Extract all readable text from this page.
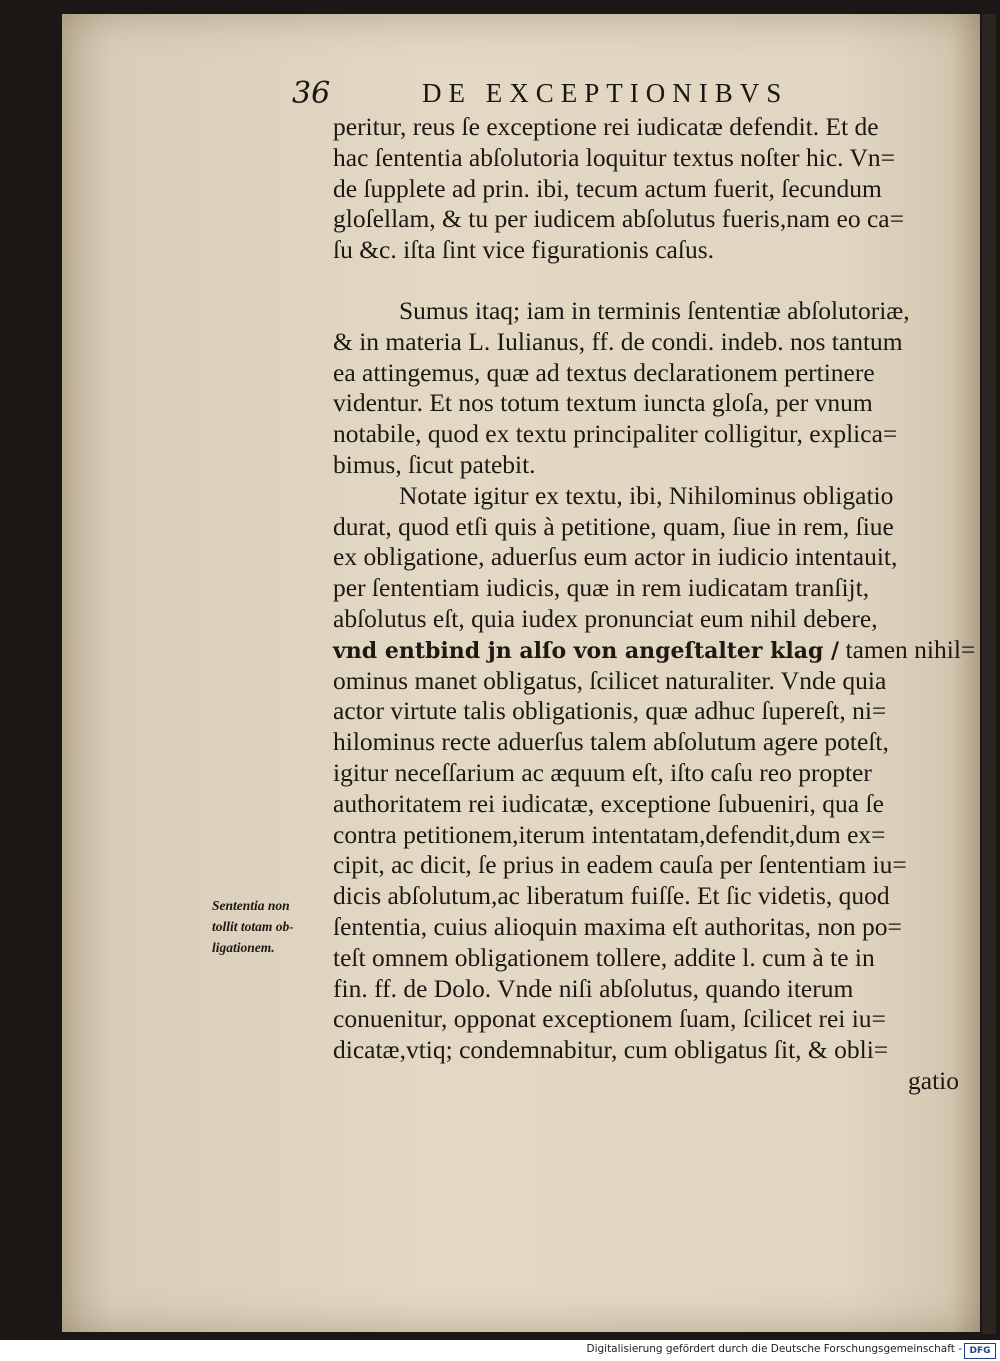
36	DE EXCEPTIONIBVS
peritur, reus ſe exceptione rei iudicatæ defendit. Et de
hac ſententia abſolutoria loquitur textus noſter hic. Vn=
de ſupplete ad prin. ibi, tecum actum fuerit, ſecundum
gloſellam, & tu per iudicem abſolutus fueris,nam eo ca=
ſu &c. iſta ſint vice figurationis caſus.
Sumus itaq; iam in terminis ſententiæ abſolutoriæ,
& in materia L. Iulianus, ff. de condi. indeb. nos tantum
ea attingemus, quæ ad textus declarationem pertinere
videntur. Et nos totum textum iuncta gloſa, per vnum
notabile, quod ex textu principaliter colligitur, explica=
bimus, ſicut patebit.
Notate igitur ex textu, ibi, Nihilominus obligatio
durat, quod etſi quis à petitione, quam, ſiue in rem, ſiue
ex obligatione, aduerſus eum actor in iudicio intentauit,
per ſententiam iudicis, quæ in rem iudicatam tranſijt,
abſolutus eſt, quia iudex pronunciat eum nihil debere,
vnd entbind jn alſo von angeſtalter klag / tamen nihil=
ominus manet obligatus, ſcilicet naturaliter. Vnde quia
actor virtute talis obligationis, quæ adhuc ſupereſt, ni=
hilominus recte aduerſus talem abſolutum agere poteſt,
igitur neceſſarium ac æquum eſt, iſto caſu reo propter
authoritatem rei iudicatæ, exceptione ſubueniri, qua ſe
contra petitionem,iterum intentatam,defendit,dum ex=
cipit, ac dicit, ſe prius in eadem cauſa per ſententiam iu=
dicis abſolutum,ac liberatum fuiſſe. Et ſic videtis, quod
ſententia, cuius alioquin maxima eſt authoritas, non po=
teſt omnem obligationem tollere, addite l. cum à te in
fin. ff. de Dolo. Vnde niſi abſolutus, quando iterum
conuenitur, opponat exceptionem ſuam, ſcilicet rei iu=
dicatæ,vtiq; condemnabitur, cum obligatus ſit, & obli=
gatio
Sententia non
tollit totam ob-
ligationem.
Digitalisierung gefördert durch die Deutsche Forschungsgemeinschaft - DFG
